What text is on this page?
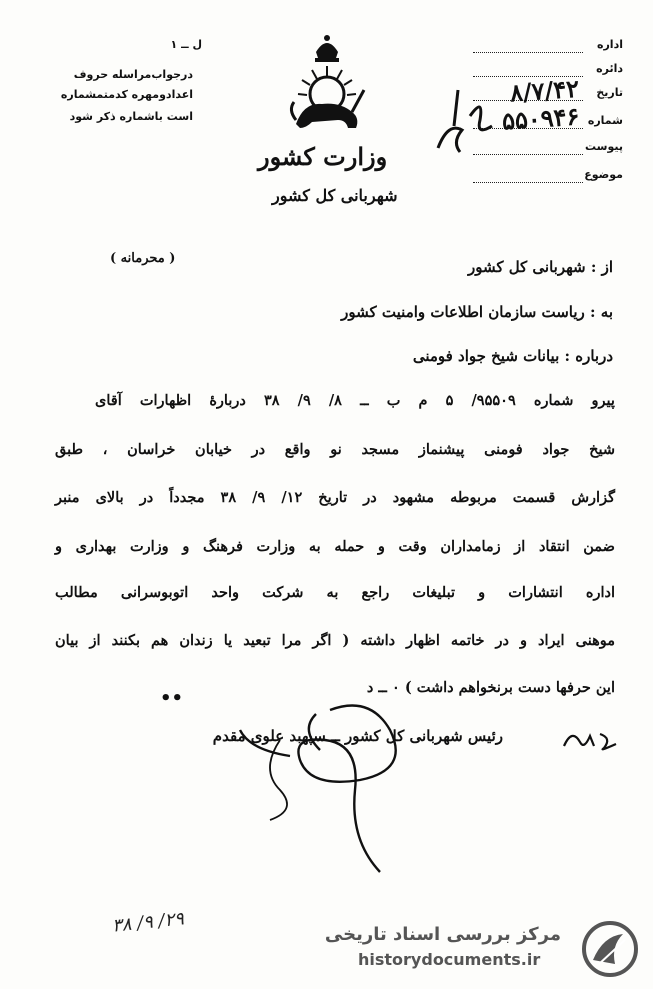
اداره
دائره
تاریخ
۸/۷/۴۲
شماره
۵۵۰۹۴۶
پیوست
موضوع
ل ــ ۱
درجواب‌مراسله حروف
اعداد‌ومهره کدمتمشماره
است باشماره ذکر شود
وزارت کشور
شهربانی کل کشور
( محرمانه )	از : شهربانی کل کشور
به : ریاست سازمان اطلاعات وامنیت کشور
درباره : بیانات شیخ جواد فومنی
پیرو شماره ۹۵۵۰۹/ ۵ م ب ــ ۸/ ۹/ ۳۸ دربارهٔ اظهارات آقای
شیخ جواد فومنی پیشنماز مسجد نو واقع در خیابان خراسان ، طبق
گزارش قسمت مربوطه مشهود در تاریخ ۱۲/ ۹/ ۳۸ مجدداً در بالای منبر
ضمن انتقاد از زمامداران وقت و حمله به وزارت فرهنگ و وزارت بهداری و
اداره انتشارات و تبلیغات راجع به شرکت واحد اتوبوسرانی مطالب
موهنی ایراد و در خاتمه اظهار داشته ( اگر مرا تبعید یا زندان هم بکنند از بیان
این حرفها دست برنخواهم داشت ) ۰ ــ د
رئیس شهربانی کل کشور ــ سپهبد علوی مقدم
••
۲۹/ ۹/ ۳۸
مرکز بررسی اسناد تاریخی
historydocuments.ir
